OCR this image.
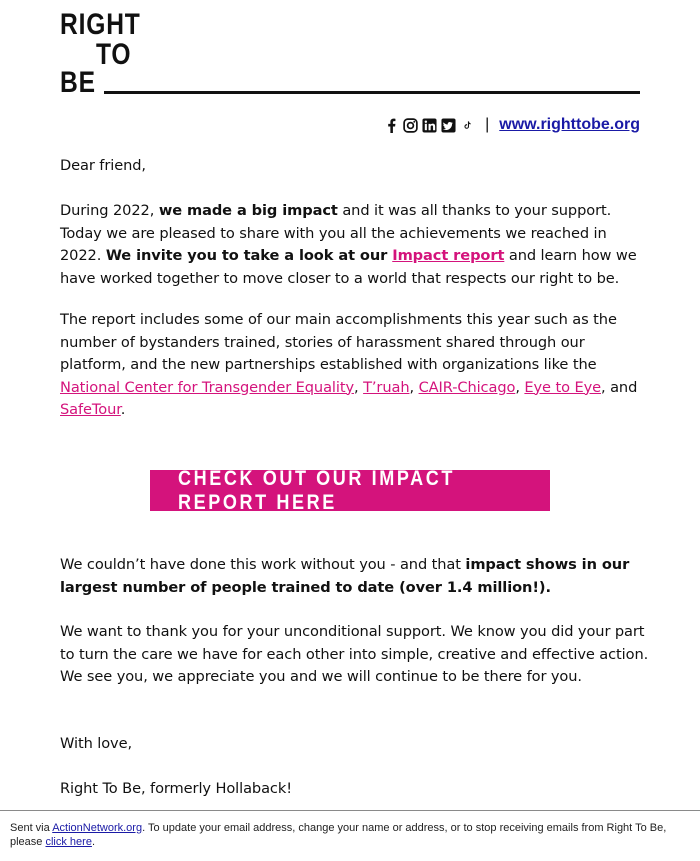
RIGHT
TO
BE
| www.righttobe.org
Dear friend,
During 2022, we made a big impact and it was all thanks to your support. Today we are pleased to share with you all the achievements we reached in 2022. We invite you to take a look at our Impact report and learn how we have worked together to move closer to a world that respects our right to be.
The report includes some of our main accomplishments this year such as the number of bystanders trained, stories of harassment shared through our platform, and the new partnerships established with organizations like the National Center for Transgender Equality, T’ruah, CAIR-Chicago, Eye to Eye, and SafeTour.
CHECK OUT OUR IMPACT REPORT HERE
We couldn’t have done this work without you - and that impact shows in our largest number of people trained to date (over 1.4 million!).
We want to thank you for your unconditional support. We know you did your part to turn the care we have for each other into simple, creative and effective action. We see you, we appreciate you and we will continue to be there for you.
With love,
Right To Be, formerly Hollaback!
Sent via ActionNetwork.org. To update your email address, change your name or address, or to stop receiving emails from Right To Be, please click here.
